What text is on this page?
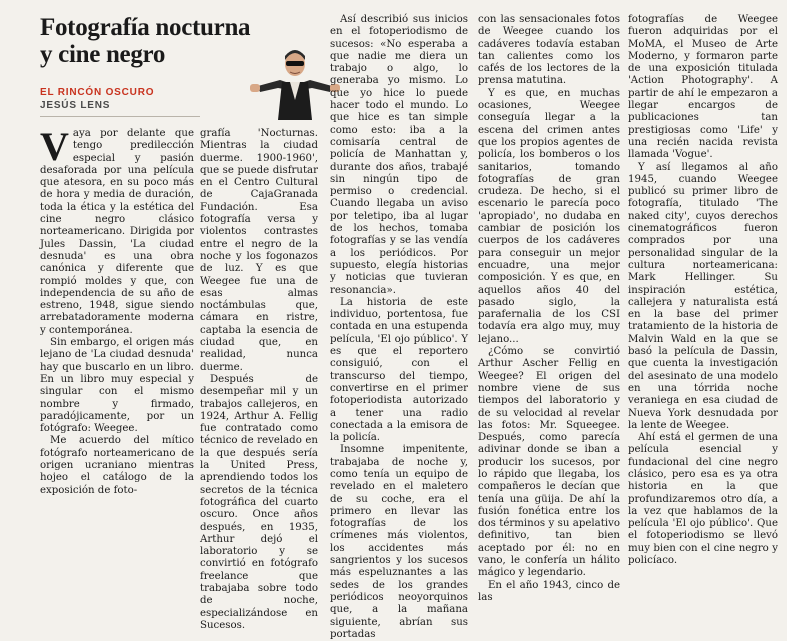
Fotografía nocturna
y cine negro
EL RINCÓN OSCURO
JESÚS LENS

Vaya por delante que tengo predilección especial y pasión desaforada por una película que atesora, en su poco más de hora y media de duración, toda la ética y la estética del cine negro clásico norteamericano. Dirigida por Jules Dassin, 'La ciudad desnuda' es una obra canónica y diferente que rompió moldes y que, con independencia de su año de estreno, 1948, sigue siendo arrebatadoramente moderna y contemporánea.

Sin embargo, el origen más lejano de 'La ciudad desnuda' hay que buscarlo en un libro. En un libro muy especial y singular con el mismo nombre y firmado, paradójicamente, por un fotógrafo: Weegee.

Me acuerdo del mítico fotógrafo norteamericano de origen ucraniano mientras hojeo el catálogo de la exposición de foto-

grafía 'Nocturnas. Mientras la ciudad duerme. 1900-1960', que se puede disfrutar en el Centro Cultural de CajaGranada Fundación. Esa fotografía versa y violentos contrastes entre el negro de la noche y los fogonazos de luz. Y es que Weegee fue una de esas almas noctámbulas que, cámara en ristre, captaba la esencia de ciudad que, en realidad, nunca duerme.

Después de desempeñar mil y un trabajos callejeros, en 1924, Arthur A. Fellig fue contratado como técnico de revelado en la que después sería la United Press, aprendiendo todos los secretos de la técnica fotográfica del cuarto oscuro. Once años después, en 1935, Arthur dejó el laboratorio y se convirtió en fotógrafo freelance que trabajaba sobre todo de noche, especializándose en Sucesos.

Así describió sus inicios en el fotoperiodismo de sucesos: «No esperaba a que nadie me diera un trabajo o algo, lo generaba yo mismo. Lo que yo hice lo puede hacer todo el mundo. Lo que hice es tan simple como esto: iba a la comisaría central de policía de Manhattan y, durante dos años, trabajé sin ningún tipo de permiso o credencial. Cuando llegaba un aviso por teletipo, iba al lugar de los hechos, tomaba fotografías y se las vendía a los periódicos. Por supuesto, elegía historias y noticias que tuvieran resonancia».

La historia de este individuo, portentosa, fue contada en una estupenda película, 'El ojo público'. Y es que el reportero consiguió, con el transcurso del tiempo, convertirse en el primer fotoperiodista autorizado a tener una radio conectada a la emisora de la policía.

Insomne impenitente, trabajaba de noche y, como tenía un equipo de revelado en el maletero de su coche, era el primero en llevar las fotografías de los crímenes más violentos, los accidentes más sangrientos y los sucesos más espeluznantes a las sedes de los grandes periódicos neoyorquinos que, a la mañana siguiente, abrían sus portadas

con las sensacionales fotos de Weegee cuando los cadáveres todavía estaban tan calientes como los cafés de los lectores de la prensa matutina.

Y es que, en muchas ocasiones, Weegee conseguía llegar a la escena del crimen antes que los propios agentes de policía, los bomberos o los sanitarios, tomando fotografías de gran crudeza. De hecho, si el escenario le parecía poco 'apropiado', no dudaba en cambiar de posición los cuerpos de los cadáveres para conseguir un mejor encuadre, una mejor composición. Y es que, en aquellos años 40 del pasado siglo, la parafernalia de los CSI todavía era algo muy, muy lejano...

¿Cómo se convirtió Arthur Ascher Fellig en Weegee? El origen del nombre viene de sus tiempos del laboratorio y de su velocidad al revelar las fotos: Mr. Squeegee. Después, como parecía adivinar donde se iban a producir los sucesos, por lo rápido que llegaba, los compañeros le decían que tenía una güija. De ahí la fusión fonética entre los dos términos y su apelativo definitivo, tan bien aceptado por él: no en vano, le confería un hálito mágico y legendario.

En el año 1943, cinco de las

fotografías de Weegee fueron adquiridas por el MoMA, el Museo de Arte Moderno, y formaron parte de una exposición titulada 'Action Photography'. A partir de ahí le empezaron a llegar encargos de publicaciones tan prestigiosas como 'Life' y una recién nacida revista llamada 'Vogue'.

Y así llegamos al año 1945, cuando Weegee publicó su primer libro de fotografía, titulado 'The naked city', cuyos derechos cinematográficos fueron comprados por una personalidad singular de la cultura norteamericana: Mark Hellinger. Su inspiración estética, callejera y naturalista está en la base del primer tratamiento de la historia de Malvin Wald en la que se basó la película de Dassin, que cuenta la investigación del asesinato de una modelo en una tórrida noche veraniega en esa ciudad de Nueva York desnudada por la lente de Weegee.

Ahí está el germen de una película esencial y fundacional del cine negro clásico, pero esa es ya otra historia en la que profundizaremos otro día, a la vez que hablamos de la película 'El ojo público'. Que el fotoperiodismo se llevó muy bien con el cine negro y policíaco.
